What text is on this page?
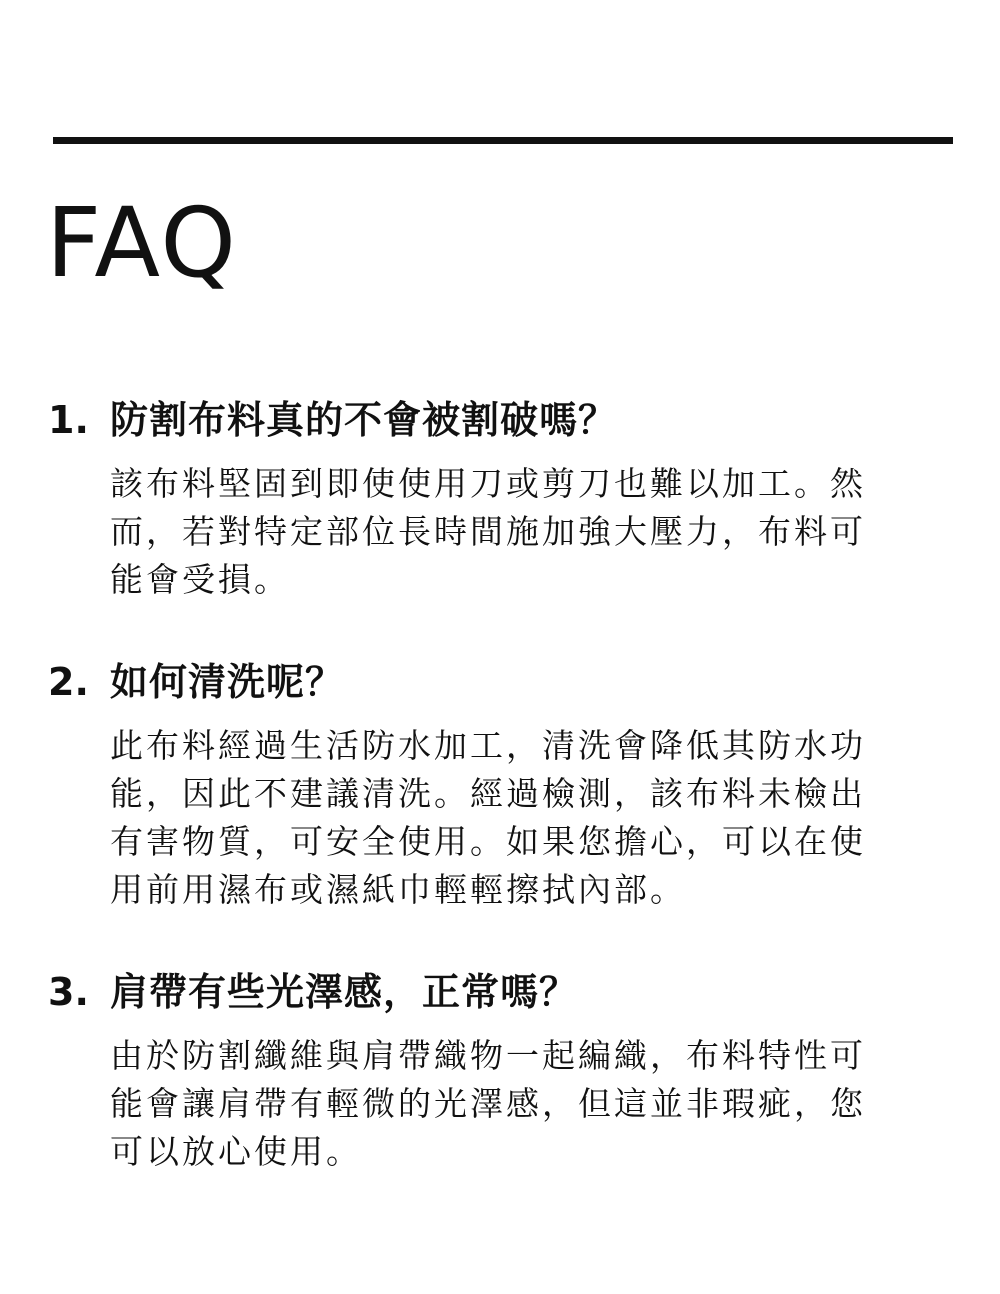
FAQ
1. 防割布料真的不會被割破嗎？

該布料堅固到即使使用刀或剪刀也難以加工。然而，若對特定部位長時間施加強大壓力，布料可能會受損。

2. 如何清洗呢？

此布料經過生活防水加工，清洗會降低其防水功能，因此不建議清洗。經過檢測，該布料未檢出有害物質，可安全使用。如果您擔心，可以在使用前用濕布或濕紙巾輕輕擦拭內部。

3. 肩帶有些光澤感，正常嗎？

由於防割纖維與肩帶織物一起編織，布料特性可能會讓肩帶有輕微的光澤感，但這並非瑕疵，您可以放心使用。
